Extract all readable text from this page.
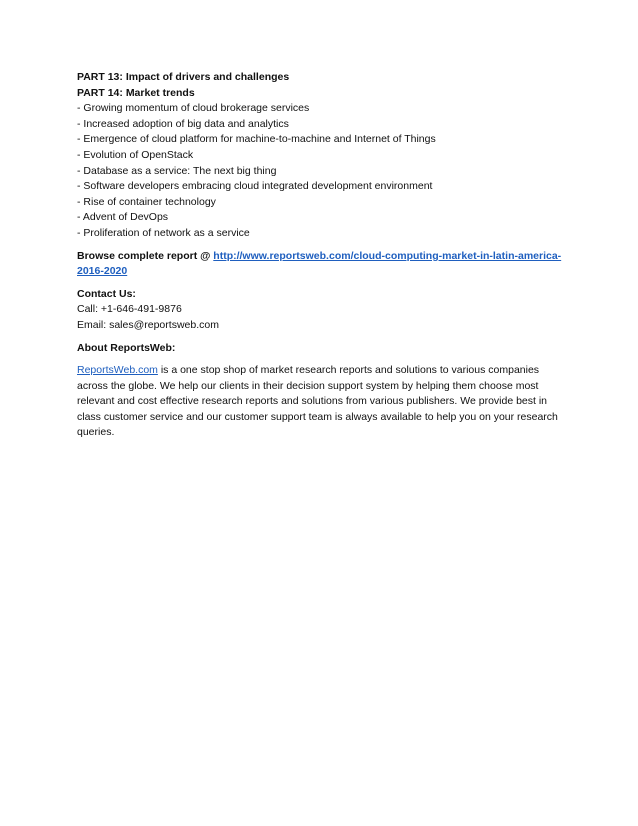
PART 13: Impact of drivers and challenges
PART 14: Market trends
- Growing momentum of cloud brokerage services
- Increased adoption of big data and analytics
- Emergence of cloud platform for machine-to-machine and Internet of Things
- Evolution of OpenStack
- Database as a service: The next big thing
- Software developers embracing cloud integrated development environment
- Rise of container technology
- Advent of DevOps
- Proliferation of network as a service
Browse complete report @ http://www.reportsweb.com/cloud-computing-market-in-latin-america-
2016-2020
Contact Us:
Call: +1-646-491-9876
Email: sales@reportsweb.com
About ReportsWeb:
ReportsWeb.com is a one stop shop of market research reports and solutions to various companies
across the globe. We help our clients in their decision support system by helping them choose most
relevant and cost effective research reports and solutions from various publishers. We provide best in
class customer service and our customer support team is always available to help you on your research
queries.
